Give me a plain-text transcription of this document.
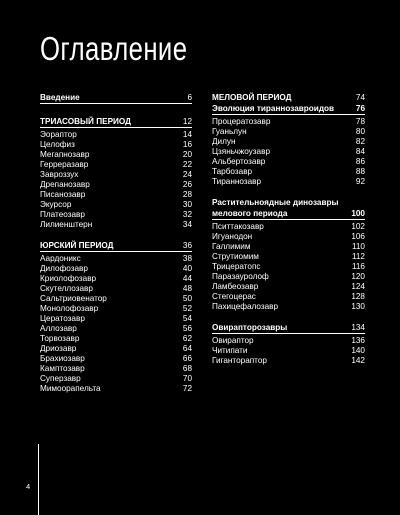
Оглавление
4
Введение	6
ТРИАСОВЫЙ ПЕРИОД	12
Эораптор	14
Целофиз	16
Мегапнозавр	20
Герреразавр	22
Завроззух	24
Дрепанозавр	26
Писанозавр	28
Экурсор	30
Платеозавр	32
Лилиенштерн	34
ЮРСКИЙ ПЕРИОД	36
Аардоникс	38
Дилофозавр	40
Криолофозавр	44
Скутеллозавр	48
Сальтриовенатор	50
Монолофозавр	52
Цератозавр	54
Аллозавр	56
Торвозавр	62
Дриозавр	64
Брахиозавр	66
Камптозавр	68
Суперзавр	70
Мимоорапельта	72
МЕЛОВОЙ ПЕРИОД	74
Эволюция тираннозавроидов	76
Процератозавр	78
Гуаньлун	80
Дилун	82
Цзяньчжоузавр	84
Альбертозавр	86
Тарбозавр	88
Тираннозавр	92
Растительноядные динозавры
мелового периода	100
Пситтакозавр	102
Игуанодон	106
Галлимим	110
Струтиомим	112
Трицератопс	116
Паразауролоф	120
Ламбеозавр	124
Стегоцерас	128
Пахицефалозавр	130
Овирапторозавры	134
Овираптор	136
Читипати	140
Гигантораптор	142
